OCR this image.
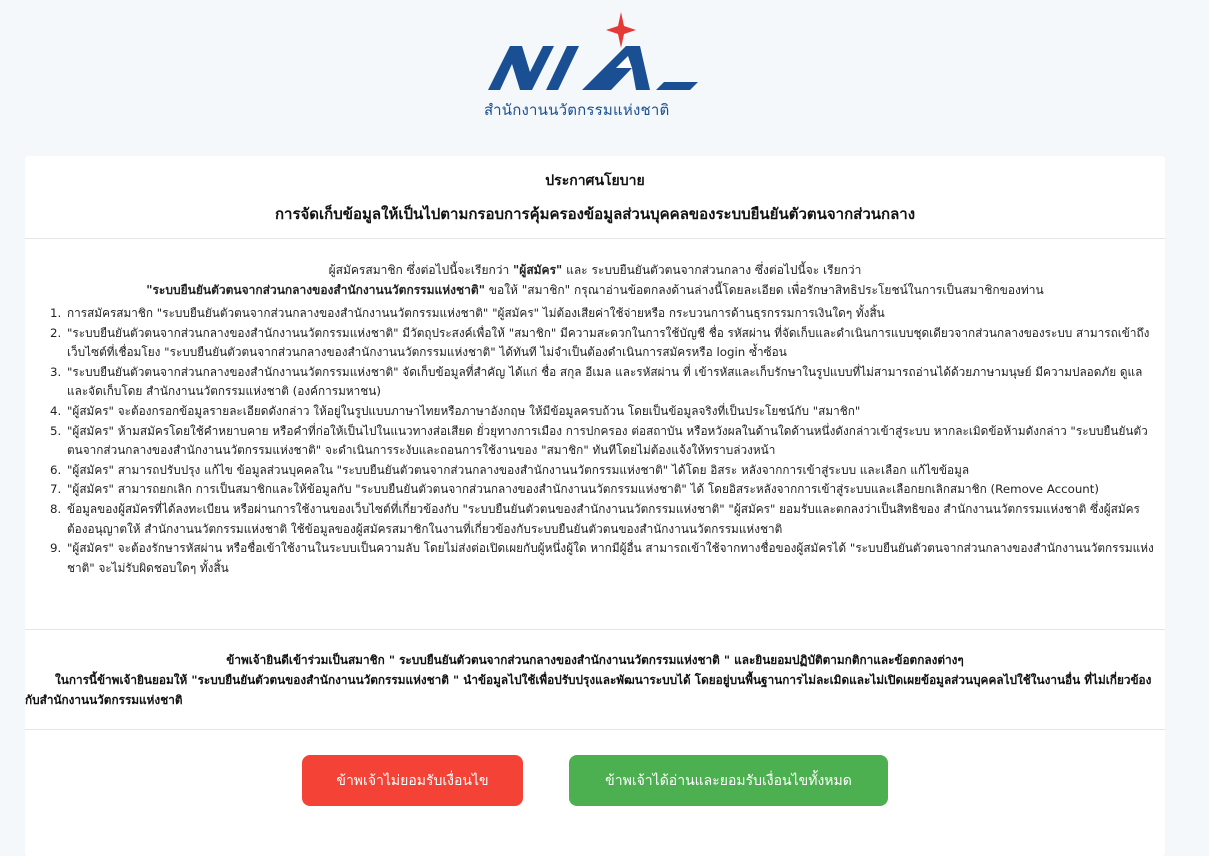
สำนักงานนวัตกรรมแห่งชาติ
ประกาศนโยบาย
การจัดเก็บข้อมูลให้เป็นไปตามกรอบการคุ้มครองข้อมูลส่วนบุคคลของระบบยืนยันตัวตนจากส่วนกลาง
ผู้สมัครสมาชิก ซึ่งต่อไปนี้จะเรียกว่า "ผู้สมัคร" และ ระบบยืนยันตัวตนจากส่วนกลาง ซึ่งต่อไปนี้จะ เรียกว่า
"ระบบยืนยันตัวตนจากส่วนกลางของสำนักงานนวัตกรรมแห่งชาติ" ขอให้ "สมาชิก" กรุณาอ่านข้อตกลงด้านล่างนี้โดยละเอียด เพื่อรักษาสิทธิประโยชน์ในการเป็นสมาชิกของท่าน
1. การสมัครสมาชิก "ระบบยืนยันตัวตนจากส่วนกลางของสำนักงานนวัตกรรมแห่งชาติ" "ผู้สมัคร" ไม่ต้องเสียค่าใช้จ่ายหรือ กระบวนการด้านธุรกรรมการเงินใดๆ ทั้งสิ้น
2. "ระบบยืนยันตัวตนจากส่วนกลางของสำนักงานนวัตกรรมแห่งชาติ" มีวัตถุประสงค์เพื่อให้ "สมาชิก" มีความสะดวกในการใช้บัญชี ชื่อ รหัสผ่าน ที่จัดเก็บและดำเนินการแบบชุดเดียวจากส่วนกลางของระบบ สามารถเข้าถึงเว็บไซต์ที่เชื่อมโยง "ระบบยืนยันตัวตนจากส่วนกลางของสำนักงานนวัตกรรมแห่งชาติ" ได้ทันที ไม่จำเป็นต้องดำเนินการสมัครหรือ login ซ้ำซ้อน
3. "ระบบยืนยันตัวตนจากส่วนกลางของสำนักงานนวัตกรรมแห่งชาติ" จัดเก็บข้อมูลที่สำคัญ ได้แก่ ชื่อ สกุล อีเมล และรหัสผ่าน ที่ เข้ารหัสและเก็บรักษาในรูปแบบที่ไม่สามารถอ่านได้ด้วยภาษามนุษย์ มีความปลอดภัย ดูแลและจัดเก็บโดย สำนักงานนวัตกรรมแห่งชาติ (องค์การมหาชน)
4. "ผู้สมัคร" จะต้องกรอกข้อมูลรายละเอียดดังกล่าว ให้อยู่ในรูปแบบภาษาไทยหรือภาษาอังกฤษ ให้มีข้อมูลครบถ้วน โดยเป็นข้อมูลจริงที่เป็นประโยชน์กับ "สมาชิก"
5. "ผู้สมัคร" ห้ามสมัครโดยใช้คำหยาบคาย หรือคำที่ก่อให้เป็นไปในแนวทางส่อเสียด ยั่วยุทางการเมือง การปกครอง ต่อสถาบัน หรือหวังผลในด้านใดด้านหนึ่งดังกล่าวเข้าสู่ระบบ หากละเมิดข้อห้ามดังกล่าว "ระบบยืนยันตัวตนจากส่วนกลางของสำนักงานนวัตกรรมแห่งชาติ" จะดำเนินการระงับและถอนการใช้งานของ "สมาชิก" ทันทีโดยไม่ต้องแจ้งให้ทราบล่วงหน้า
6. "ผู้สมัคร" สามารถปรับปรุง แก้ไข ข้อมูลส่วนบุคคลใน "ระบบยืนยันตัวตนจากส่วนกลางของสำนักงานนวัตกรรมแห่งชาติ" ได้โดย อิสระ หลังจากการเข้าสู่ระบบ และเลือก แก้ไขข้อมูล
7. "ผู้สมัคร" สามารถยกเลิก การเป็นสมาชิกและให้ข้อมูลกับ "ระบบยืนยันตัวตนจากส่วนกลางของสำนักงานนวัตกรรมแห่งชาติ" ได้ โดยอิสระหลังจากการเข้าสู่ระบบและเลือกยกเลิกสมาชิก (Remove Account)
8. ข้อมูลของผู้สมัครที่ได้ลงทะเบียน หรือผ่านการใช้งานของเว็บไซต์ที่เกี่ยวข้องกับ "ระบบยืนยันตัวตนของสำนักงานนวัตกรรมแห่งชาติ" "ผู้สมัคร" ยอมรับและตกลงว่าเป็นสิทธิของ สำนักงานนวัตกรรมแห่งชาติ ซึ่งผู้สมัครต้องอนุญาตให้ สำนักงานนวัตกรรมแห่งชาติ ใช้ข้อมูลของผู้สมัครสมาชิกในงานที่เกี่ยวข้องกับระบบยืนยันตัวตนของสำนักงานนวัตกรรมแห่งชาติ
9. "ผู้สมัคร" จะต้องรักษารหัสผ่าน หรือชื่อเข้าใช้งานในระบบเป็นความลับ โดยไม่ส่งต่อเปิดเผยกับผู้หนึ่งผู้ใด หากมีผู้อื่น สามารถเข้าใช้จากทางชื่อของผู้สมัครได้ "ระบบยืนยันตัวตนจากส่วนกลางของสำนักงานนวัตกรรมแห่งชาติ" จะไม่รับผิดชอบใดๆ ทั้งสิ้น
ข้าพเจ้ายินดีเข้าร่วมเป็นสมาชิก " ระบบยืนยันตัวตนจากส่วนกลางของสำนักงานนวัตกรรมแห่งชาติ " และยินยอมปฏิบัติตามกติกาและข้อตกลงต่างๆ
ในการนี้ข้าพเจ้ายินยอมให้ "ระบบยืนยันตัวตนของสำนักงานนวัตกรรมแห่งชาติ " นำข้อมูลไปใช้เพื่อปรับปรุงและพัฒนาระบบได้ โดยอยู่บนพื้นฐานการไม่ละเมิดและไม่เปิดเผยข้อมูลส่วนบุคคลไปใช้ในงานอื่น ที่ไม่เกี่ยวข้องกับสำนักงานนวัตกรรมแห่งชาติ
ข้าพเจ้าไม่ยอมรับเงื่อนไข	ข้าพเจ้าได้อ่านและยอมรับเงื่อนไขทั้งหมด
